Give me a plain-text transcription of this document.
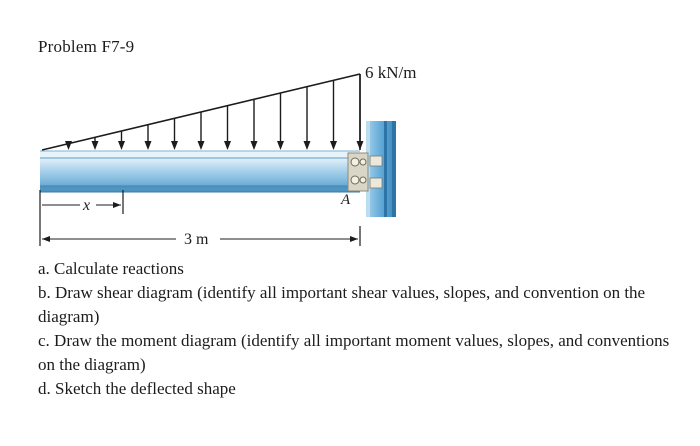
Problem F7-9
6 kN/m
A
x
3 m

a. Calculate reactions

b. Draw shear diagram (identify all important shear values, slopes, and convention on the diagram)

c. Draw the moment diagram (identify all important moment values, slopes, and conventions on the diagram)

d. Sketch the deflected shape
